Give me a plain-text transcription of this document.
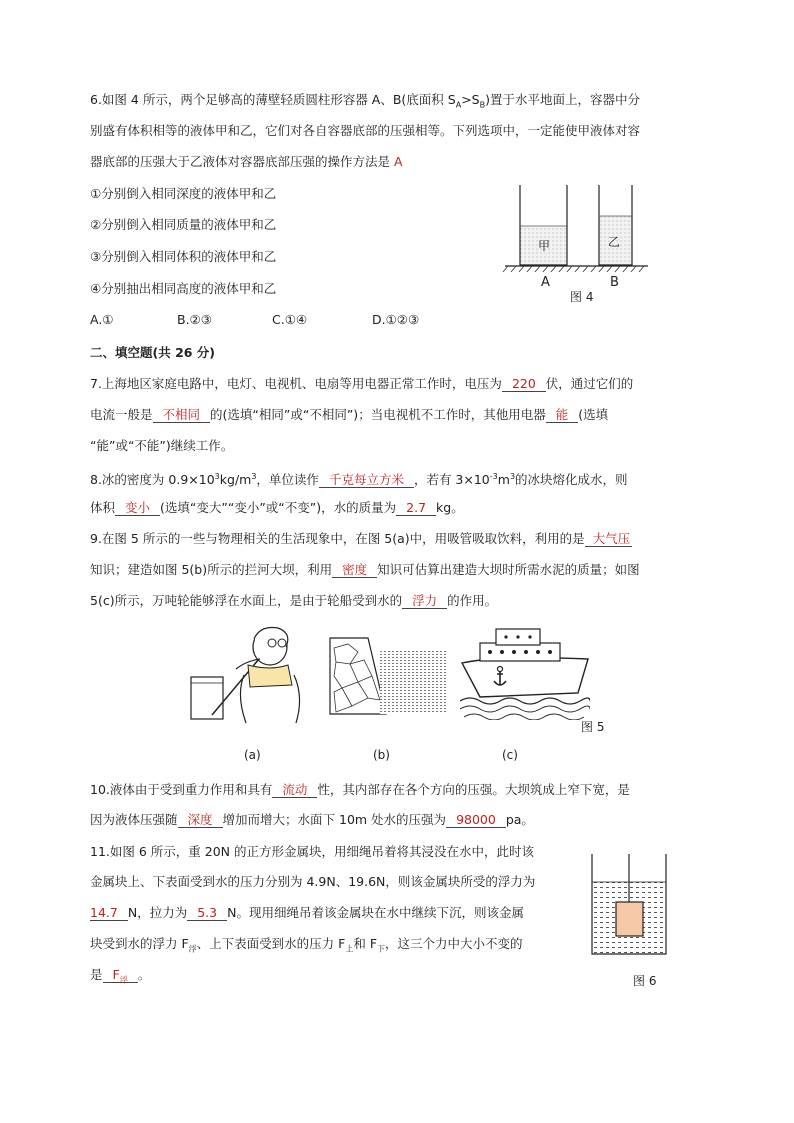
6.如图 4 所示，两个足够高的薄壁轻质圆柱形容器 A、B(底面积 $S_A>S_B$)置于水平地面上，容器中分
别盛有体积相等的液体甲和乙，它们对各自容器底部的压强相等。下列选项中，一定能使甲液体对容
器底部的压强大于乙液体对容器底部压强的操作方法是 A
①分别倒入相同深度的液体甲和乙
②分别倒入相同质量的液体甲和乙
③分别倒入相同体积的液体甲和乙
④分别抽出相同高度的液体甲和乙
A.①	B.②③	C.①④	D.①②③
甲	乙
A	B
图 4
二、填空题(共 26 分)
7.上海地区家庭电路中，电灯、电视机、电扇等用电器正常工作时，电压为 220 伏，通过它们的
电流一般是 不相同 的(选填“相同”或“不相同”)；当电视机不工作时，其他用电器 能 (选填
“能”或“不能”)继续工作。
8.冰的密度为 $0.9\times 10^3kg/m^3$，单位读作 千克每立方米 ，若有 $3\times 10^{-3}m^3$的冰块熔化成水，则
体积 变小 (选填“变大”“变小”或“不变”)，水的质量为 2.7 kg。
9.在图 5 所示的一些与物理相关的生活现象中，在图 5(a)中，用吸管吸取饮料，利用的是 大气压
知识；建造如图 5(b)所示的拦河大坝，利用 密度 知识可估算出建造大坝时所需水泥的质量；如图
5(c)所示，万吨轮能够浮在水面上，是由于轮船受到水的 浮力 的作用。
图 5
(a)	(b)	(c)
10.液体由于受到重力作用和具有 流动 性，其内部存在各个方向的压强。大坝筑成上窄下宽，是
因为液体压强随 深度 增加而增大；水面下 10m 处水的压强为 98000 pa。
11.如图 6 所示，重 20N 的正方形金属块，用细绳吊着将其浸没在水中，此时该
金属块上、下表面受到水的压力分别为 4.9N、19.6N，则该金属块所受的浮力为
14.7 N，拉力为 5.3 N。现用细绳吊着该金属块在水中继续下沉，则该金属
块受到水的浮力 $F_浮$、上下表面受到水的压力 $F_上$和 $F_下$，这三个力中大小不变的
是 $F_浮$ 。	图 6
